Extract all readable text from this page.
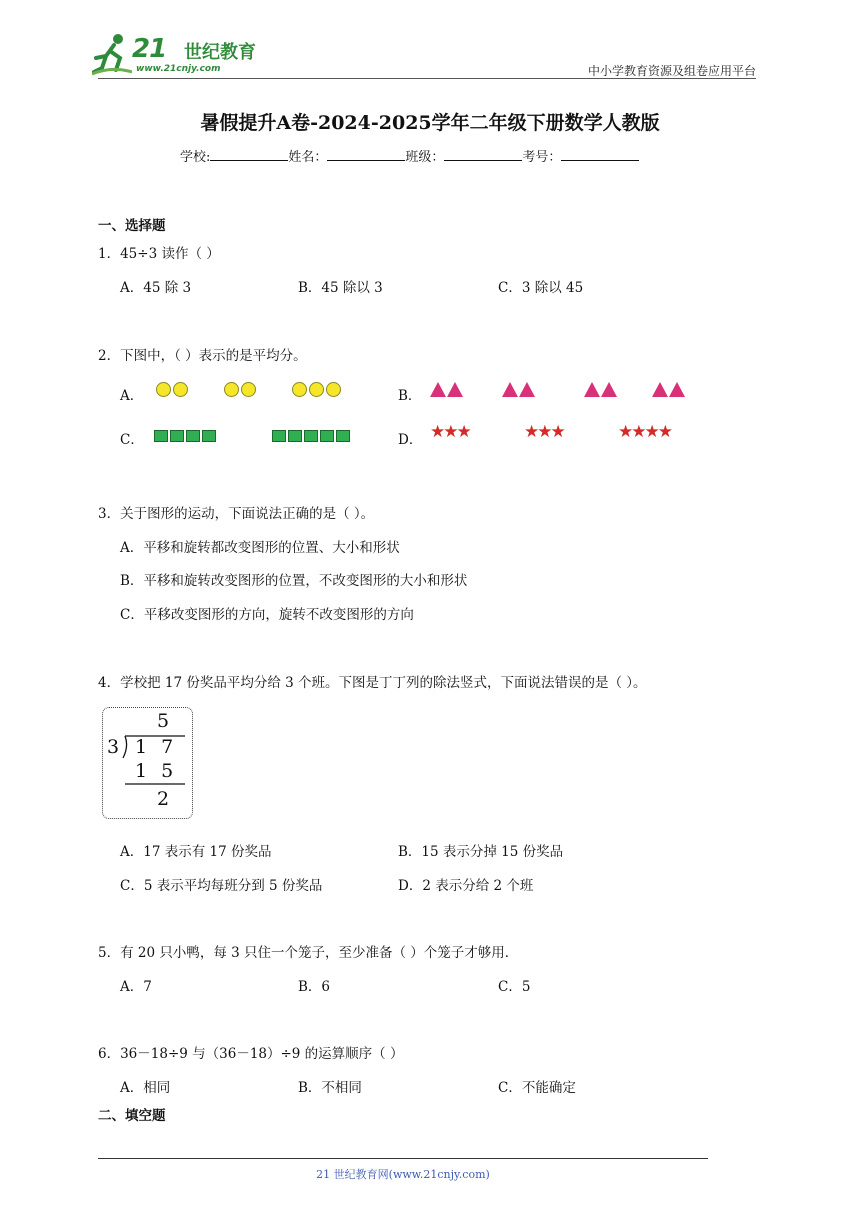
21 世纪教育
www.21cnjy.com	中小学教育资源及组卷应用平台
暑假提升A卷-2024-2025学年二年级下册数学人教版
学校:	姓名：	班级：	考号：
一、选择题
1．45÷3 读作（ ）
A．45 除 3	B．45 除以 3	C．3 除以 45
2．下图中，（ ）表示的是平均分。
A．	B．
C．	D． ★
★
★	★
★
★	★
★
★
★
3．关于图形的运动，下面说法正确的是（ ）。
A．平移和旋转都改变图形的位置、大小和形状
B．平移和旋转改变图形的位置，不改变图形的大小和形状
C．平移改变图形的方向，旋转不改变图形的方向
4．学校把 17 份奖品平均分给 3 个班。下图是丁丁列的除法竖式，下面说法错误的是（ ）。
5
3 1 7
1 5
2
A．17 表示有 17 份奖品	B．15 表示分掉 15 份奖品
C．5 表示平均每班分到 5 份奖品	D．2 表示分给 2 个班
5．有 20 只小鸭，每 3 只住一个笼子，至少准备（ ）个笼子才够用．
A．7	B．6	C．5
6．36－18÷9 与（36－18）÷9 的运算顺序（ ）
A．相同	B．不相同	C．不能确定
二、填空题
21 世纪教育网(www.21cnjy.com)
